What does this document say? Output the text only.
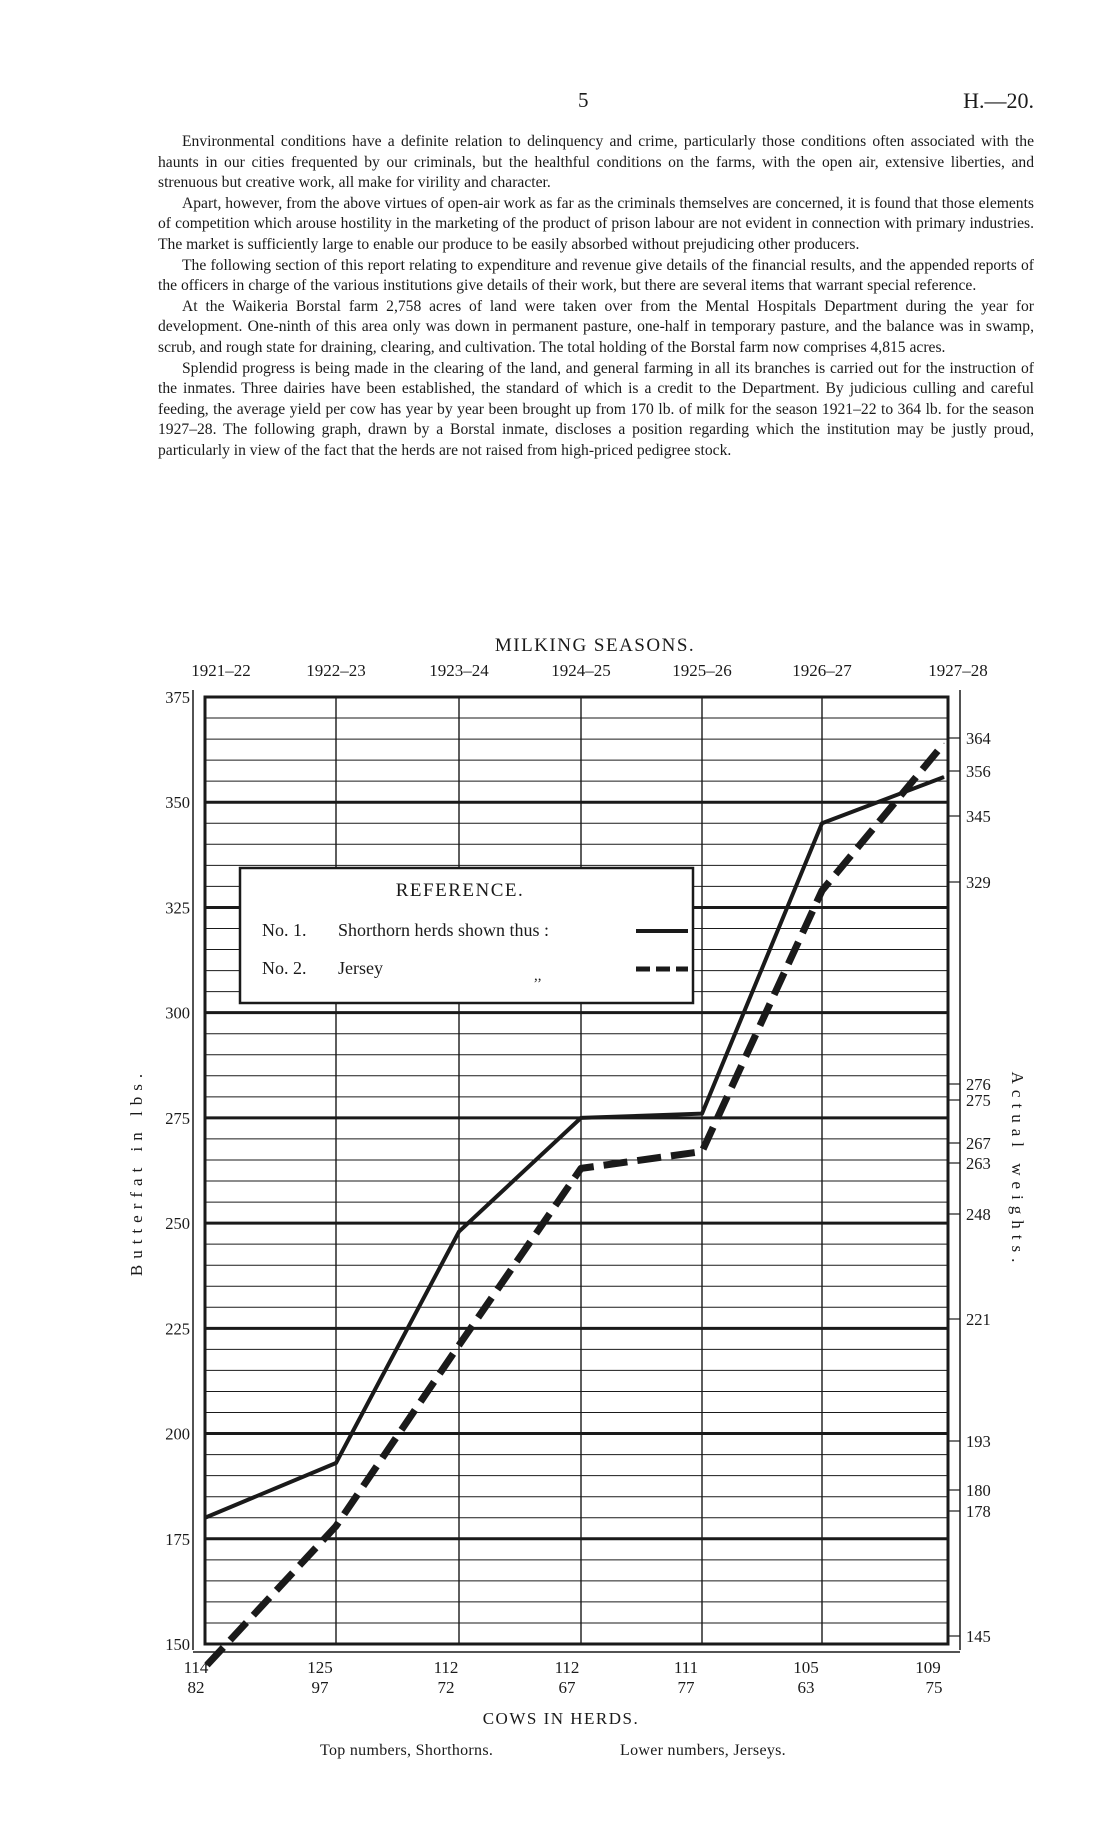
5	H.—20.

Environmental conditions have a definite relation to delinquency and crime, particularly those conditions often associated with the haunts in our cities frequented by our criminals, but the healthful conditions on the farms, with the open air, extensive liberties, and strenuous but creative work, all make for virility and character.

Apart, however, from the above virtues of open-air work as far as the criminals themselves are concerned, it is found that those elements of competition which arouse hostility in the marketing of the product of prison labour are not evident in connection with primary industries. The market is sufficiently large to enable our produce to be easily absorbed without prejudicing other producers.

The following section of this report relating to expenditure and revenue give details of the financial results, and the appended reports of the officers in charge of the various institutions give details of their work, but there are several items that warrant special reference.

At the Waikeria Borstal farm 2,758 acres of land were taken over from the Mental Hospitals Department during the year for development. One-ninth of this area only was down in permanent pasture, one-half in temporary pasture, and the balance was in swamp, scrub, and rough state for draining, clearing, and cultivation. The total holding of the Borstal farm now comprises 4,815 acres.

Splendid progress is being made in the clearing of the land, and general farming in all its branches is carried out for the instruction of the inmates. Three dairies have been established, the standard of which is a credit to the Department. By judicious culling and careful feeding, the average yield per cow has year by year been brought up from 170 lb. of milk for the season 1921–22 to 364 lb. for the season 1927–28. The following graph, drawn by a Borstal inmate, discloses a position regarding which the institution may be justly proud, particularly in view of the fact that the herds are not raised from high-priced pedigree stock.

MILKING SEASONS.
1921–22	1922–23	1923–24	1924–25	1925–26	1926–27	1927–28
150
175
200
225
250
275
300
325
350
375
Butterfat in lbs.	Actual weights.
364
356
345
329
276
275
267
263
248
221
193
180
178
145
REFERENCE.
No. 1. Shorthorn herds shown thus :
No. 2. Jersey	,,
114	125	112	112	111	105	109
82	97	72	67	77	63	75
COWS IN HERDS.
Top numbers, Shorthorns.	Lower numbers, Jerseys.
